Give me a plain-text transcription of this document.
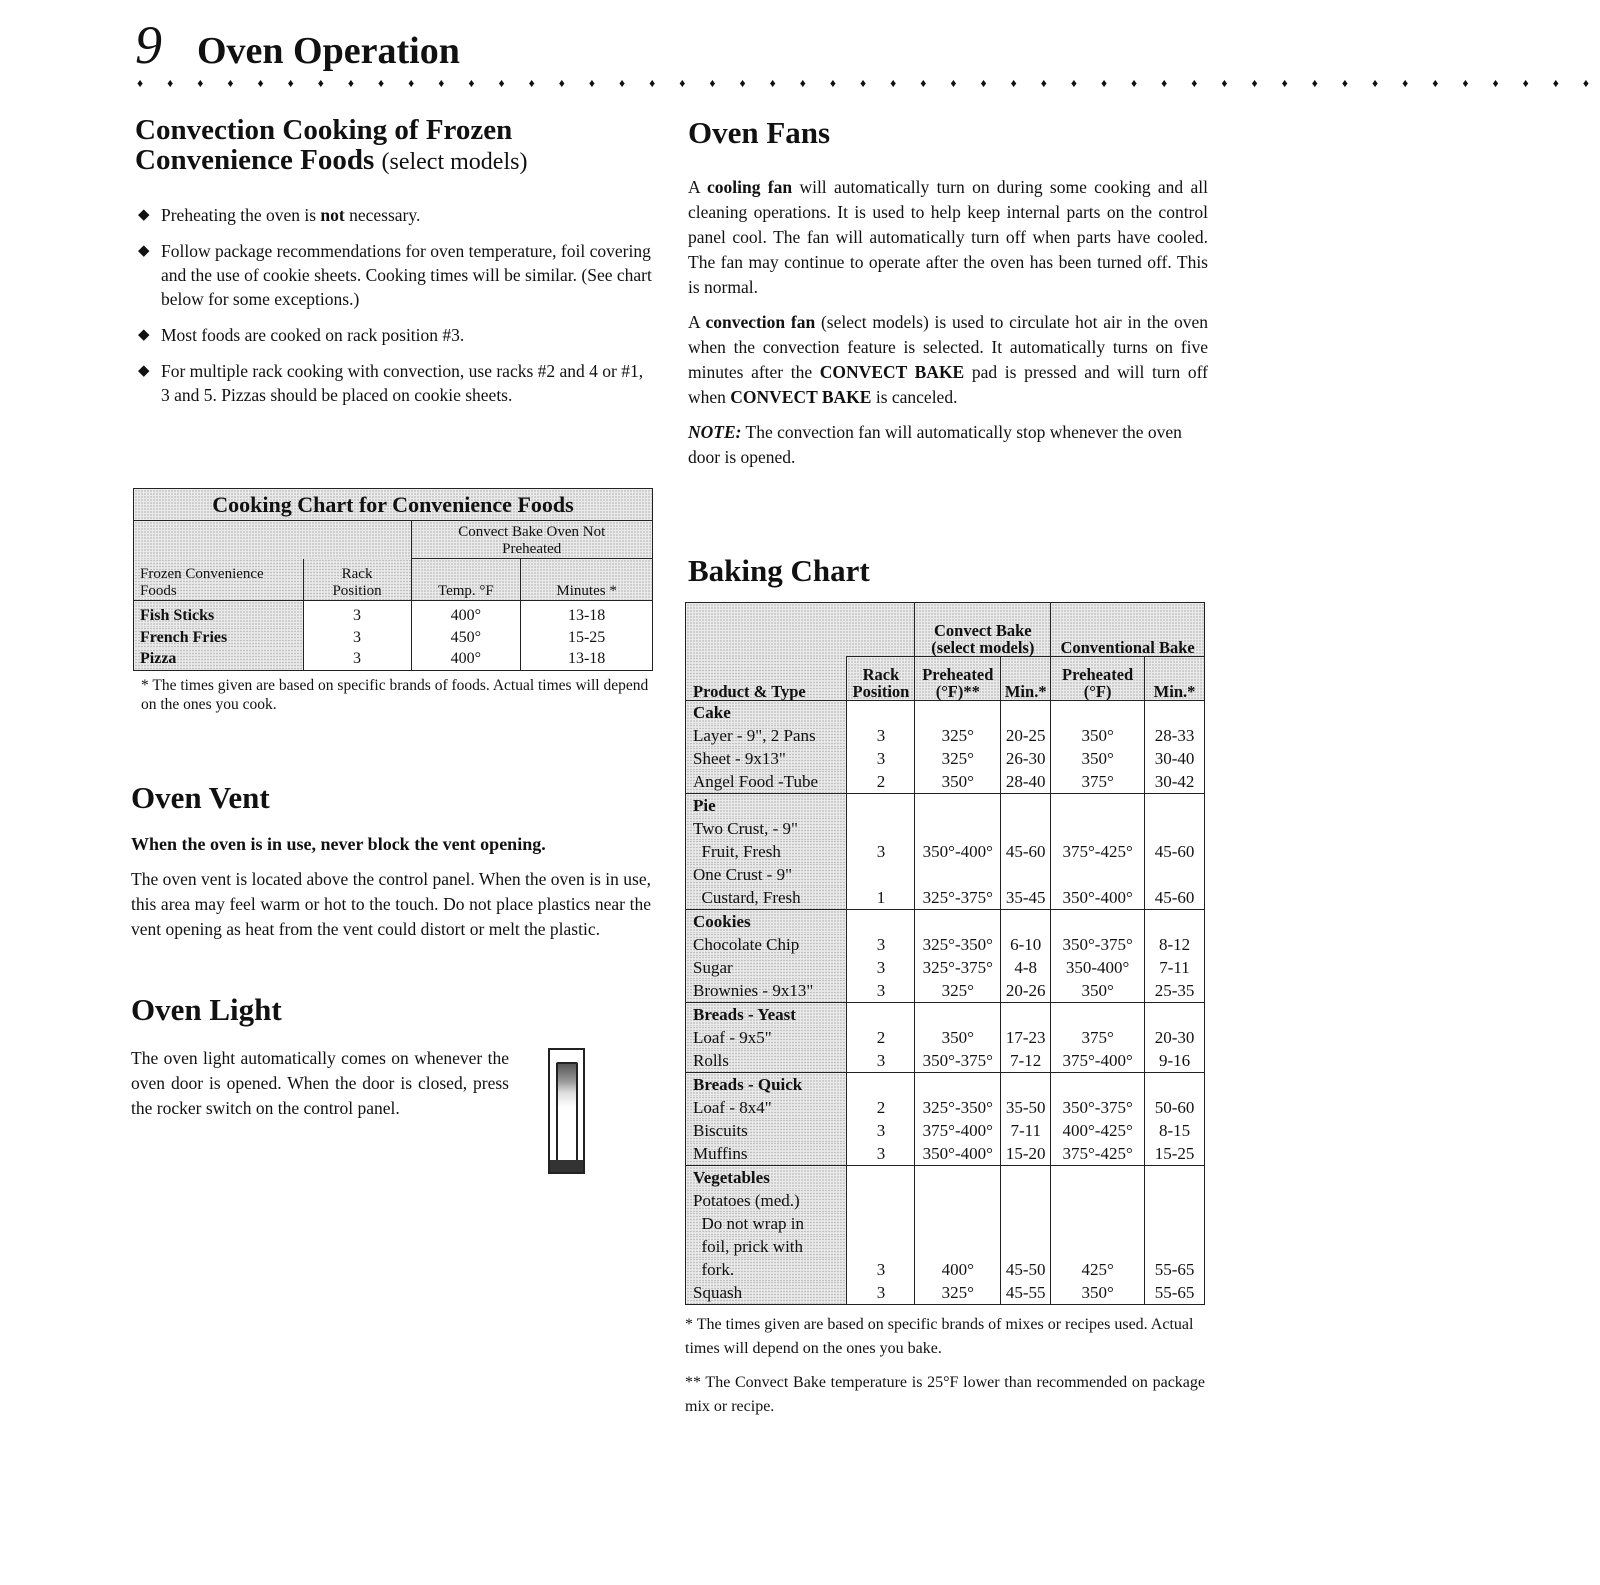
9 Oven Operation
♦ ♦ ♦ ♦ ♦ ♦ ♦ ♦ ♦ ♦ ♦ ♦ ♦ ♦ ♦ ♦ ♦ ♦ ♦ ♦ ♦ ♦ ♦ ♦ ♦ ♦ ♦ ♦ ♦ ♦ ♦ ♦ ♦ ♦ ♦ ♦ ♦ ♦ ♦ ♦ ♦ ♦ ♦ ♦ ♦ ♦ ♦ ♦ ♦
Convection Cooking of Frozen
Convenience Foods (select models)
◆ Preheating the oven is not necessary.
◆ Follow package recommendations for oven temperature, foil covering and the use of cookie sheets. Cooking times will be similar. (See chart below for some exceptions.)
◆ Most foods are cooked on rack position #3.
◆ For multiple rack cooking with convection, use racks #2 and 4 or #1, 3 and 5. Pizzas should be placed on cookie sheets.
Cooking Chart for Convenience Foods			
		Convect Bake Oven Not Preheated	
Frozen Convenience Foods	Rack Position	Temp. °F	Minutes *
Fish Sticks	3	400°	13-18
French Fries	3	450°	15-25
Pizza	3	400°	13-18
* The times given are based on specific brands of foods. Actual times will depend on the ones you cook.
Oven Vent
When the oven is in use, never block the vent opening.

The oven vent is located above the control panel. When the oven is in use, this area may feel warm or hot to the touch. Do not place plastics near the vent opening as heat from the vent could distort or melt the plastic.

Oven Light

The oven light automatically comes on whenever the oven door is opened. When the door is closed, press the rocker switch on the control panel.

Oven Fans

A cooling fan will automatically turn on during some cooking and all cleaning operations. It is used to help keep internal parts on the control panel cool. The fan will automatically turn off when parts have cooled. The fan may continue to operate after the oven has been turned off. This is normal.

A convection fan (select models) is used to circulate hot air in the oven when the convection feature is selected. It automatically turns on five minutes after the CONVECT BAKE pad is pressed and will turn off when CONVECT BAKE is canceled.

NOTE: The convection fan will automatically stop whenever the oven door is opened.

Baking Chart
		Convect Bake (select models)		Conventional Bake	
Product & Type	Rack Position	Preheated (°F)**	Min.*	Preheated (°F)	Min.*
Cake					
Layer - 9", 2 Pans	3	325°	20-25	350°	28-33
Sheet - 9x13"	3	325°	26-30	350°	30-40
Angel Food -Tube	2	350°	28-40	375°	30-42
Pie					
Two Crust, - 9"					
Fruit, Fresh	3	350°-400°	45-60	375°-425°	45-60
One Crust - 9"					
Custard, Fresh	1	325°-375°	35-45	350°-400°	45-60
Cookies					
Chocolate Chip	3	325°-350°	6-10	350°-375°	8-12
Sugar	3	325°-375°	4-8	350-400°	7-11
Brownies - 9x13"	3	325°	20-26	350°	25-35
Breads - Yeast					
Loaf - 9x5"	2	350°	17-23	375°	20-30
Rolls	3	350°-375°	7-12	375°-400°	9-16
Breads - Quick					
Loaf - 8x4"	2	325°-350°	35-50	350°-375°	50-60
Biscuits	3	375°-400°	7-11	400°-425°	8-15
Muffins	3	350°-400°	15-20	375°-425°	15-25
Vegetables					
Potatoes (med.)					
Do not wrap in					
foil, prick with					
fork.	3	400°	45-50	425°	55-65
Squash	3	325°	45-55	350°	55-65

* The times given are based on specific brands of mixes or recipes used. Actual times will depend on the ones you bake.

** The Convect Bake temperature is 25°F lower than recommended on package mix or recipe.
